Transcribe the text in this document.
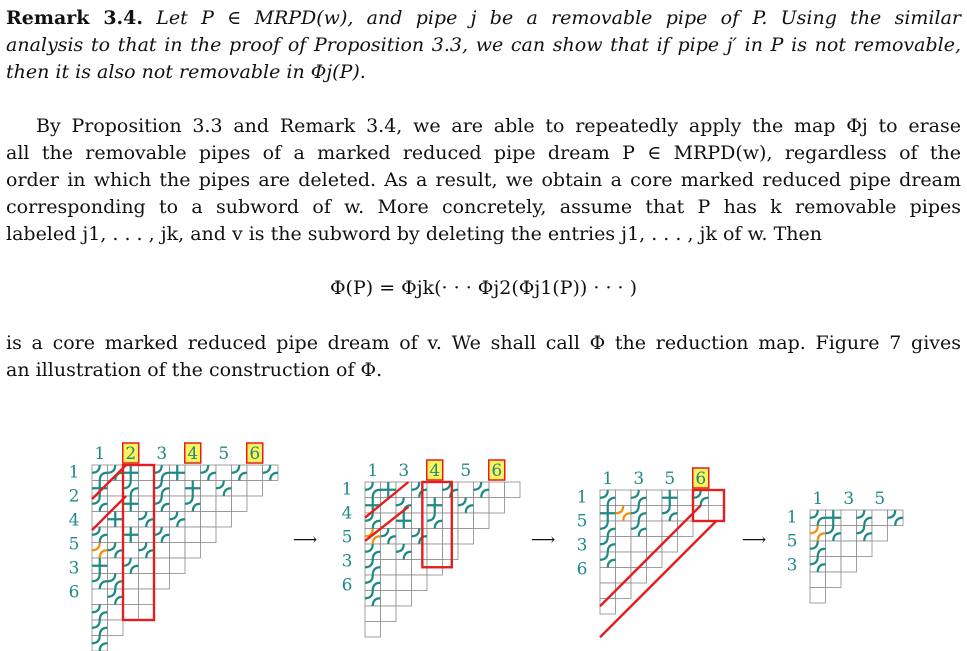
Remark 3.4. Let P ∈ MRPD(w), and pipe j be a removable pipe of P. Using the similar
analysis to that in the proof of Proposition 3.3, we can show that if pipe j′ in P is not removable,
then it is also not removable in Φj(P).
By Proposition 3.3 and Remark 3.4, we are able to repeatedly apply the map Φj to erase
all the removable pipes of a marked reduced pipe dream P ∈ MRPD(w), regardless of the
order in which the pipes are deleted. As a result, we obtain a core marked reduced pipe dream
corresponding to a subword of w. More concretely, assume that P has k removable pipes
labeled j1, . . . , jk, and v is the subword by deleting the entries j1, . . . , jk of w. Then
Φ(P) = Φjk(· · · Φj2(Φj1(P)) · · · )
is a core marked reduced pipe dream of v. We shall call Φ the reduction map. Figure 7 gives
an illustration of the construction of Φ.
1 2 3 4 5 6
1
2
4
5
3
6
⟶
1 3 4 5 6
1
4
5
3
6
⟶
1 3 5 6
1
5
3
6
⟶
1 3 5
1
5
3
